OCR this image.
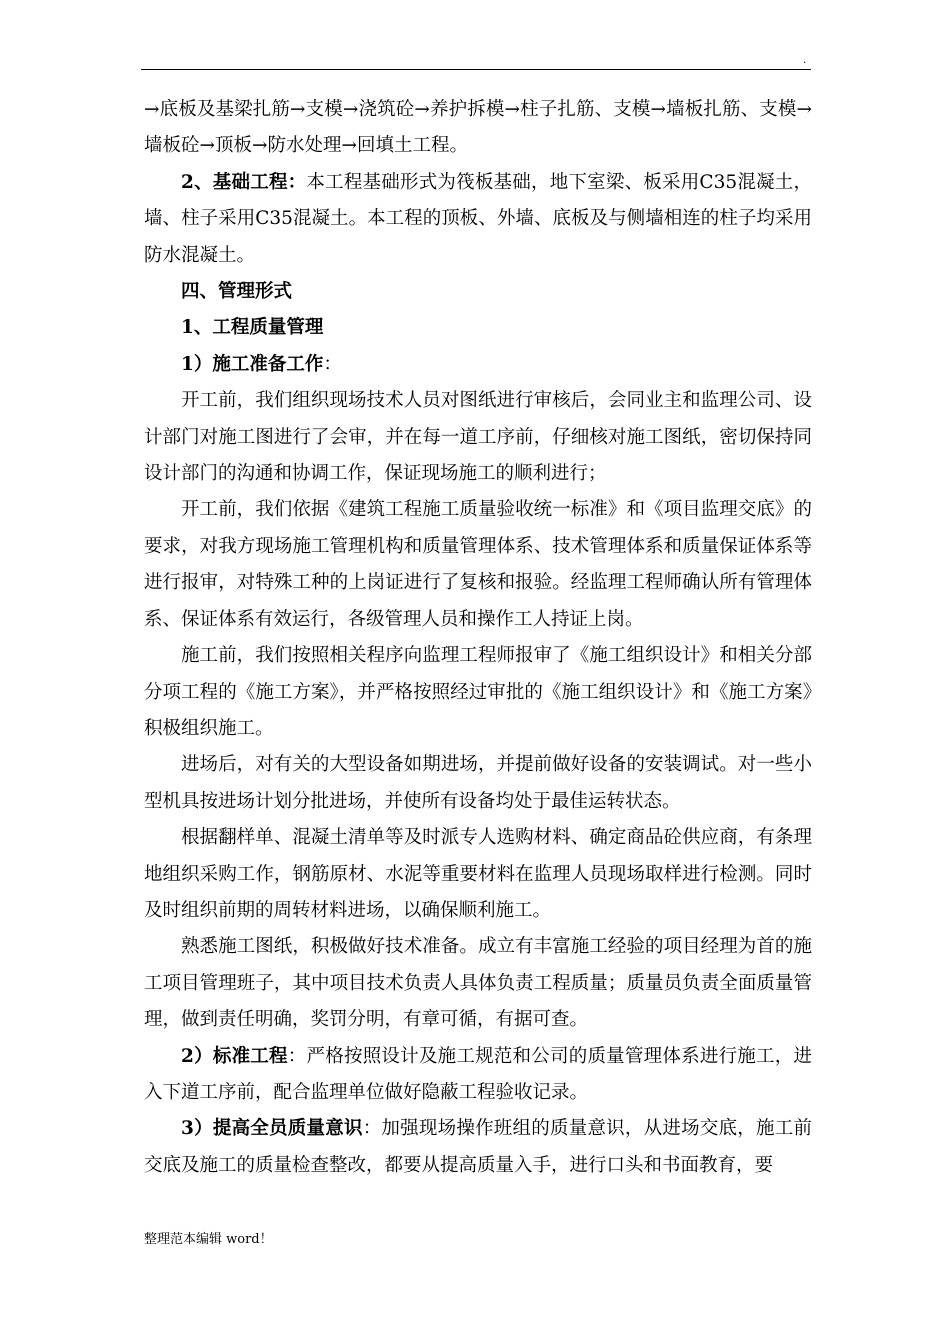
.

→底板及基梁扎筋→支模→浇筑砼→养护拆模→柱子扎筋、支模→墙板扎筋、支模→墙板砼→顶板→防水处理→回填土工程。

2、基础工程：本工程基础形式为筏板基础，地下室梁、板采用C35混凝土，墙、柱子采用C35混凝土。本工程的顶板、外墙、底板及与侧墙相连的柱子均采用防水混凝土。

四、管理形式

1、工程质量管理

1）施工准备工作：

开工前，我们组织现场技术人员对图纸进行审核后，会同业主和监理公司、设计部门对施工图进行了会审，并在每一道工序前，仔细核对施工图纸，密切保持同设计部门的沟通和协调工作，保证现场施工的顺利进行；

开工前，我们依据《建筑工程施工质量验收统一标准》和《项目监理交底》的要求，对我方现场施工管理机构和质量管理体系、技术管理体系和质量保证体系等进行报审，对特殊工种的上岗证进行了复核和报验。经监理工程师确认所有管理体系、保证体系有效运行，各级管理人员和操作工人持证上岗。

施工前，我们按照相关程序向监理工程师报审了《施工组织设计》和相关分部分项工程的《施工方案》，并严格按照经过审批的《施工组织设计》和《施工方案》积极组织施工。

进场后，对有关的大型设备如期进场，并提前做好设备的安装调试。对一些小型机具按进场计划分批进场，并使所有设备均处于最佳运转状态。

根据翻样单、混凝土清单等及时派专人选购材料、确定商品砼供应商，有条理地组织采购工作，钢筋原材、水泥等重要材料在监理人员现场取样进行检测。同时及时组织前期的周转材料进场，以确保顺利施工。

熟悉施工图纸，积极做好技术准备。成立有丰富施工经验的项目经理为首的施工项目管理班子，其中项目技术负责人具体负责工程质量；质量员负责全面质量管理，做到责任明确，奖罚分明，有章可循，有据可查。

2）标准工程：严格按照设计及施工规范和公司的质量管理体系进行施工，进入下道工序前，配合监理单位做好隐蔽工程验收记录。

3）提高全员质量意识：加强现场操作班组的质量意识，从进场交底，施工前交底及施工的质量检查整改，都要从提高质量入手，进行口头和书面教育，要

整理范本编辑 word！
